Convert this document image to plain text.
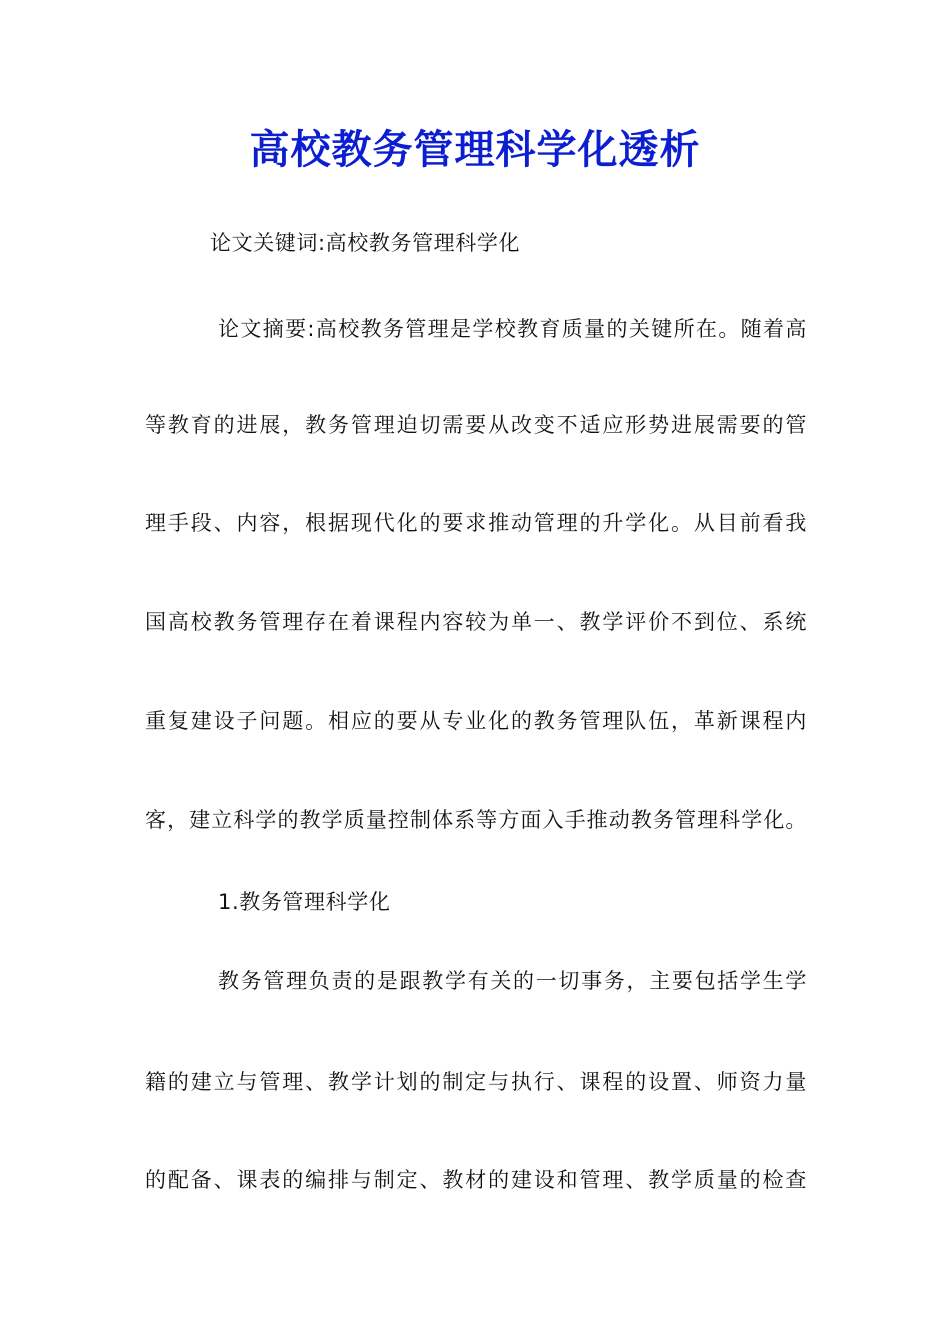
高校教务管理科学化透析
论文关键词:高校教务管理科学化
论文摘要:高校教务管理是学校教育质量的关键所在。随着高
等教育的进展，教务管理迫切需要从改变不适应形势进展需要的管
理手段、内容，根据现代化的要求推动管理的升学化。从目前看我
国高校教务管理存在着课程内容较为单一、教学评价不到位、系统
重复建设子问题。相应的要从专业化的教务管理队伍，革新课程内
客，建立科学的教学质量控制体系等方面入手推动教务管理科学化。
1.教务管理科学化
教务管理负责的是跟教学有关的一切事务，主要包括学生学
籍的建立与管理、教学计划的制定与执行、课程的设置、师资力量
的配备、课表的编排与制定、教材的建设和管理、教学质量的检查
